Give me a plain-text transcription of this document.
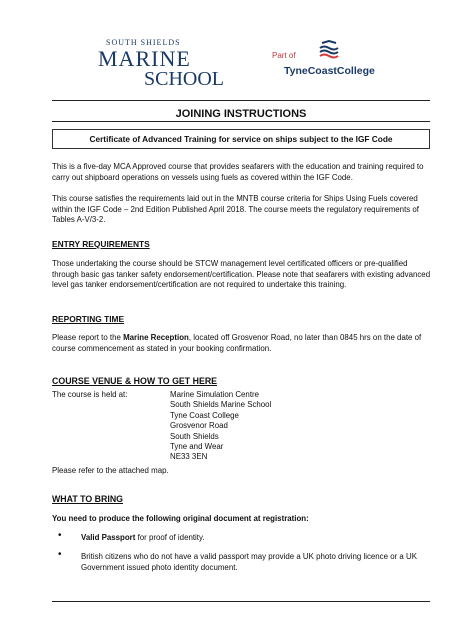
SOUTH SHIELDS
MARINE
SCHOOL
Part of
TyneCoastCollege
JOINING INSTRUCTIONS
Certificate of Advanced Training for service on ships subject to the IGF Code
This is a five-day MCA Approved course that provides seafarers with the education and training required to carry out shipboard operations on vessels using fuels as covered within the IGF Code.
This course satisfies the requirements laid out in the MNTB course criteria for Ships Using Fuels covered within the IGF Code – 2nd Edition Published April 2018. The course meets the regulatory requirements of Tables A-V/3-2.
ENTRY REQUIREMENTS
Those undertaking the course should be STCW management level certificated officers or pre-qualified through basic gas tanker safety endorsement/certification. Please note that seafarers with existing advanced level gas tanker endorsement/certification are not required to undertake this training.
REPORTING TIME
Please report to the Marine Reception, located off Grosvenor Road, no later than 0845 hrs on the date of course commencement as stated in your booking confirmation.
COURSE VENUE & HOW TO GET HERE
The course is held at:	Marine Simulation Centre
South Shields Marine School
Tyne Coast College
Grosvenor Road
South Shields
Tyne and Wear
NE33 3EN
Please refer to the attached map.
WHAT TO BRING
You need to produce the following original document at registration:
• Valid Passport for proof of identity.
• British citizens who do not have a valid passport may provide a UK photo driving licence or a UK Government issued photo identity document.
